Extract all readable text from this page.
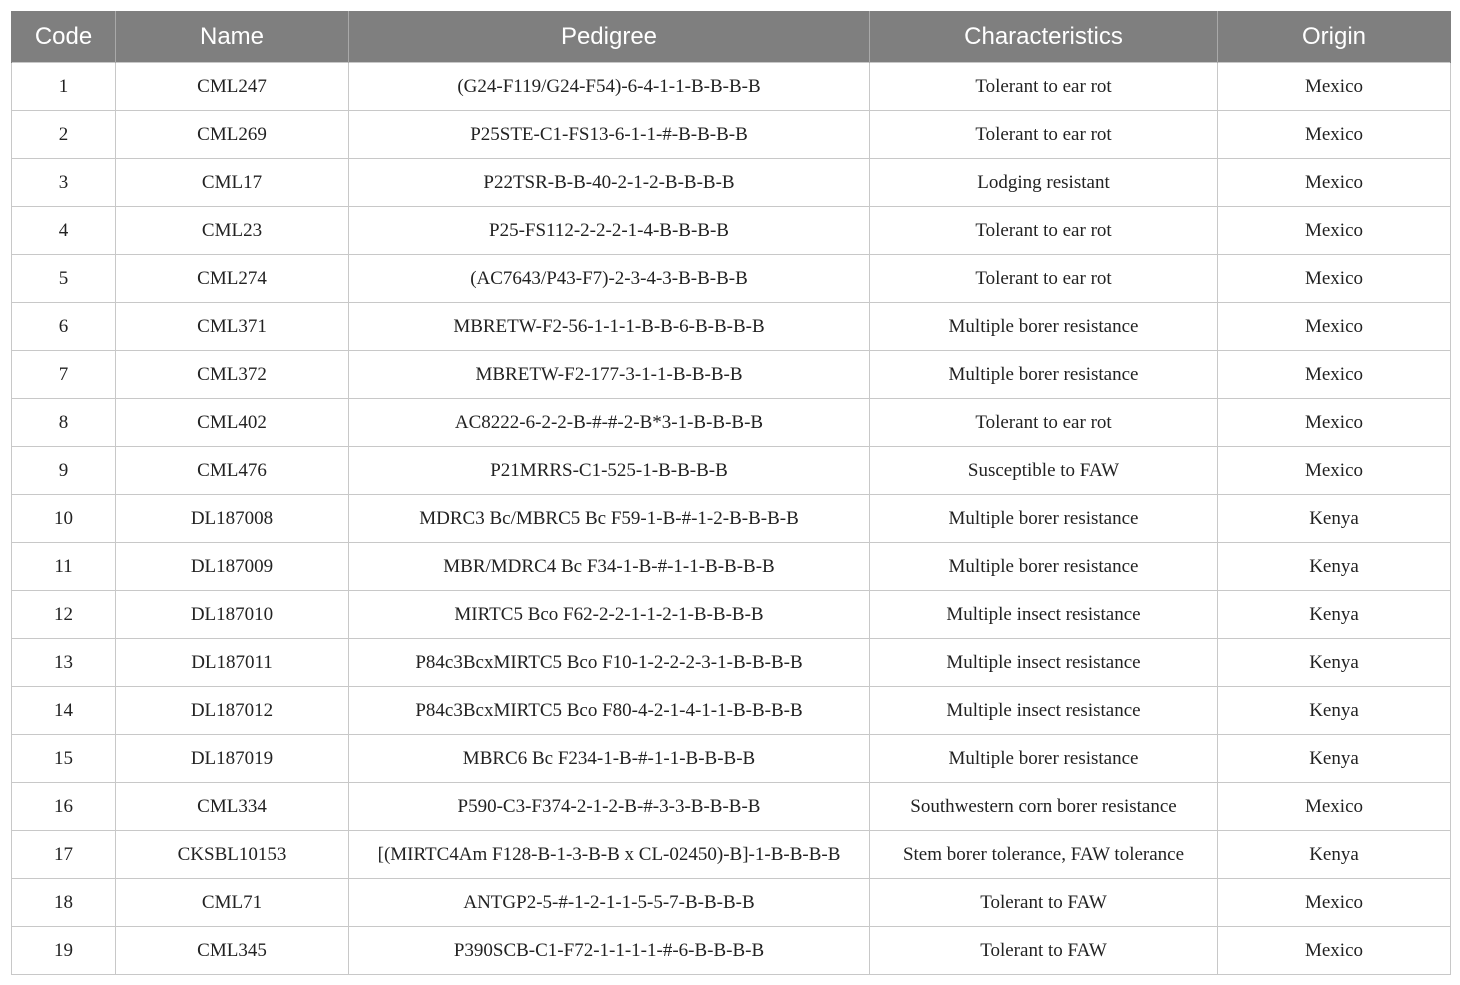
Code	Name	Pedigree	Characteristics	Origin
1	CML247	(G24-F119/G24-F54)-6-4-1-1-B-B-B-B	Tolerant to ear rot	Mexico
2	CML269	P25STE-C1-FS13-6-1-1-#-B-B-B-B	Tolerant to ear rot	Mexico
3	CML17	P22TSR-B-B-40-2-1-2-B-B-B-B	Lodging resistant	Mexico
4	CML23	P25-FS112-2-2-2-1-4-B-B-B-B	Tolerant to ear rot	Mexico
5	CML274	(AC7643/P43-F7)-2-3-4-3-B-B-B-B	Tolerant to ear rot	Mexico
6	CML371	MBRETW-F2-56-1-1-1-B-B-6-B-B-B-B	Multiple borer resistance	Mexico
7	CML372	MBRETW-F2-177-3-1-1-B-B-B-B	Multiple borer resistance	Mexico
8	CML402	AC8222-6-2-2-B-#-#-2-B*3-1-B-B-B-B	Tolerant to ear rot	Mexico
9	CML476	P21MRRS-C1-525-1-B-B-B-B	Susceptible to FAW	Mexico
10	DL187008	MDRC3 Bc/MBRC5 Bc F59-1-B-#-1-2-B-B-B-B	Multiple borer resistance	Kenya
11	DL187009	MBR/MDRC4 Bc F34-1-B-#-1-1-B-B-B-B	Multiple borer resistance	Kenya
12	DL187010	MIRTC5 Bco F62-2-2-1-1-2-1-B-B-B-B	Multiple insect resistance	Kenya
13	DL187011	P84c3BcxMIRTC5 Bco F10-1-2-2-2-3-1-B-B-B-B	Multiple insect resistance	Kenya
14	DL187012	P84c3BcxMIRTC5 Bco F80-4-2-1-4-1-1-B-B-B-B	Multiple insect resistance	Kenya
15	DL187019	MBRC6 Bc F234-1-B-#-1-1-B-B-B-B	Multiple borer resistance	Kenya
16	CML334	P590-C3-F374-2-1-2-B-#-3-3-B-B-B-B	Southwestern corn borer resistance	Mexico
17	CKSBL10153	[(MIRTC4Am F128-B-1-3-B-B x CL-02450)-B]-1-B-B-B-B	Stem borer tolerance, FAW tolerance	Kenya
18	CML71	ANTGP2-5-#-1-2-1-1-5-5-7-B-B-B-B	Tolerant to FAW	Mexico
19	CML345	P390SCB-C1-F72-1-1-1-1-#-6-B-B-B-B	Tolerant to FAW	Mexico
